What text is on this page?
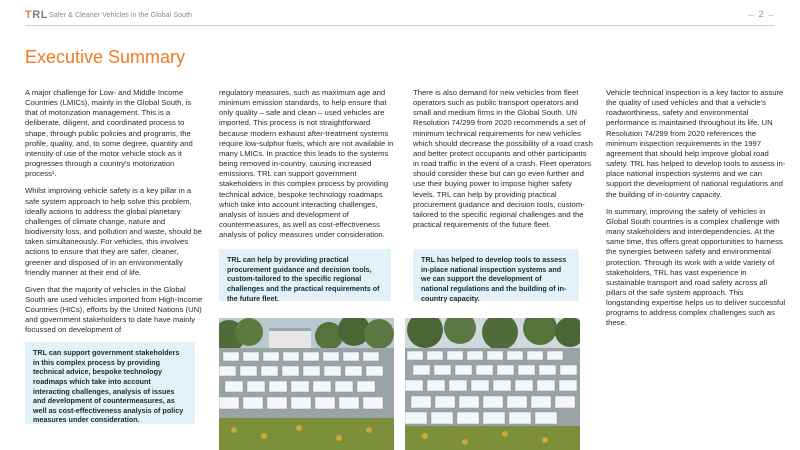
TRL Safer & Cleaner Vehicles in the Global South	← 2 →
Executive Summary

A major challenge for Low- and Middle Income Countries (LMICs), mainly in the Global South, is that of motorization management. This is a deliberate, diligent, and coordinated process to shape, through public policies and programs, the profile, quality, and, to some degree, quantity and intensity of use of the motor vehicle stock as it progresses through a country's motorization process¹.

Whilst improving vehicle safety is a key pillar in a safe system approach to help solve this problem, ideally actions to address the global planetary challenges of climate change, nature and biodiversity loss, and pollution and waste, should be taken simultaneously. For vehicles, this involves actions to ensure that they are safer, cleaner, greener and disposed of in an environmentally friendly manner at their end of life.

Given that the majority of vehicles in the Global South are used vehicles imported from High-Income Countries (HICs), efforts by the United Nations (UN) and government stakeholders to date have mainly focussed on development of

regulatory measures, such as maximum age and minimum emission standards, to help ensure that only quality – safe and clean – used vehicles are imported. This process is not straightforward because modern exhaust after-treatment systems require low-sulphur fuels, which are not available in many LMICs. In practice this leads to the systems being removed in-country, causing increased emissions. TRL can support government stakeholders in this complex process by providing technical advice, bespoke technology roadmaps which take into account interacting challenges, analysis of issues and development of countermeasures, as well as cost-effectiveness analysis of policy measures under consideration.

There is also demand for new vehicles from fleet operators such as public transport operators and small and medium firms in the Global South. UN Resolution 74/299 from 2020 recommends a set of minimum technical requirements for new vehicles which should decrease the possibility of a road crash and better protect occupants and other participants in road traffic in the event of a crash. Fleet operators should consider these but can go even further and use their buying power to impose higher safety levels. TRL can help by providing practical procurement guidance and decision tools, custom-tailored to the specific regional challenges and the practical requirements of the future fleet.

Vehicle technical inspection is a key factor to assure the quality of used vehicles and that a vehicle's roadworthiness, safety and environmental performance is maintained throughout its life. UN Resolution 74/299 from 2020 references the minimum inspection requirements in the 1997 agreement that should help improve global road safety. TRL has helped to develop tools to assess in-place national inspection systems and we can support the development of national regulations and the building of in-country capacity.

In summary, improving the safety of vehicles in Global South countries is a complex challenge with many stakeholders and interdependencies. At the same time, this offers great opportunities to harness the synergies between safety and environmental protection. Through its work with a wide variety of stakeholders, TRL has vast experience in sustainable transport and road safety across all pillars of the safe system approach. This longstanding expertise helps us to deliver successful programs to address complex challenges such as these.

TRL can support government stakeholders in this complex process by providing technical advice, bespoke technology roadmaps which take into account interacting challenges, analysis of issues and development of countermeasures, as well as cost-effectiveness analysis of policy measures under consideration.
TRL can help by providing practical procurement guidance and decision tools, custom-tailored to the specific regional challenges and the practical requirements of the future fleet.
TRL has helped to develop tools to assess in-place national inspection systems and we can support the development of national regulations and the building of in-country capacity.
